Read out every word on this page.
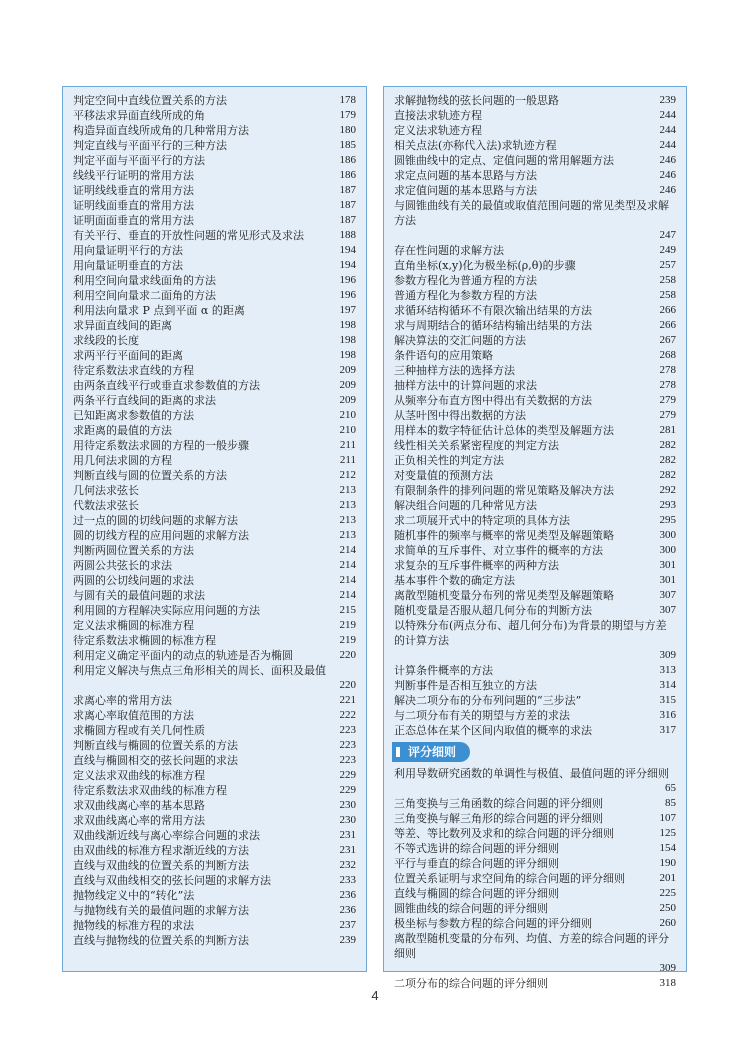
判定空间中直线位置关系的方法	178
平移法求异面直线所成的角	179
构造异面直线所成角的几种常用方法	180
判定直线与平面平行的三种方法	185
判定平面与平面平行的方法	186
线线平行证明的常用方法	186
证明线线垂直的常用方法	187
证明线面垂直的常用方法	187
证明面面垂直的常用方法	187
有关平行、垂直的开放性问题的常见形式及求法	188
用向量证明平行的方法	194
用向量证明垂直的方法	194
利用空间向量求线面角的方法	196
利用空间向量求二面角的方法	196
利用法向量求 P 点到平面 α 的距离	197
求异面直线间的距离	198
求线段的长度	198
求两平行平面间的距离	198
待定系数法求直线的方程	209
由两条直线平行或垂直求参数值的方法	209
两条平行直线间的距离的求法	209
已知距离求参数值的方法	210
求距离的最值的方法	210
用待定系数法求圆的方程的一般步骤	211
用几何法求圆的方程	211
判断直线与圆的位置关系的方法	212
几何法求弦长	213
代数法求弦长	213
过一点的圆的切线问题的求解方法	213
圆的切线方程的应用问题的求解方法	213
判断两圆位置关系的方法	214
两圆公共弦长的求法	214
两圆的公切线问题的求法	214
与圆有关的最值问题的求法	214
利用圆的方程解决实际应用问题的方法	215
定义法求椭圆的标准方程	219
待定系数法求椭圆的标准方程	219
利用定义确定平面内的动点的轨迹是否为椭圆	220
利用定义解决与焦点三角形相关的周长、面积及最值
220
求离心率的常用方法	221
求离心率取值范围的方法	222
求椭圆方程或有关几何性质	223
判断直线与椭圆的位置关系的方法	223
直线与椭圆相交的弦长问题的求法	223
定义法求双曲线的标准方程	229
待定系数法求双曲线的标准方程	229
求双曲线离心率的基本思路	230
求双曲线离心率的常用方法	230
双曲线渐近线与离心率综合问题的求法	231
由双曲线的标准方程求渐近线的方法	231
直线与双曲线的位置关系的判断方法	232
直线与双曲线相交的弦长问题的求解方法	233
抛物线定义中的“转化”法	236
与抛物线有关的最值问题的求解方法	236
抛物线的标准方程的求法	237
直线与抛物线的位置关系的判断方法	239
求解抛物线的弦长问题的一般思路	239
直接法求轨迹方程	244
定义法求轨迹方程	244
相关点法(亦称代入法)求轨迹方程	244
圆锥曲线中的定点、定值问题的常用解题方法	246
求定点问题的基本思路与方法	246
求定值问题的基本思路与方法	246
与圆锥曲线有关的最值或取值范围问题的常见类型及求解方法
247
存在性问题的求解方法	249
直角坐标(x,y)化为极坐标(ρ,θ)的步骤	257
参数方程化为普通方程的方法	258
普通方程化为参数方程的方法	258
求循环结构循环不有限次输出结果的方法	266
求与周期结合的循环结构输出结果的方法	266
解决算法的交汇问题的方法	267
条件语句的应用策略	268
三种抽样方法的选择方法	278
抽样方法中的计算问题的求法	278
从频率分布直方图中得出有关数据的方法	279
从茎叶图中得出数据的方法	279
用样本的数字特征估计总体的类型及解题方法	281
线性相关关系紧密程度的判定方法	282
正负相关性的判定方法	282
对变量值的预测方法	282
有限制条件的排列问题的常见策略及解决方法	292
解决组合问题的几种常见方法	293
求二项展开式中的特定项的具体方法	295
随机事件的频率与概率的常见类型及解题策略	300
求简单的互斥事件、对立事件的概率的方法	300
求复杂的互斥事件概率的两种方法	301
基本事件个数的确定方法	301
离散型随机变量分布列的常见类型及解题策略	307
随机变量是否服从超几何分布的判断方法	307
以特殊分布(两点分布、超几何分布)为背景的期望与方差的计算方法
309
计算条件概率的方法	313
判断事件是否相互独立的方法	314
解决二项分布的分布列问题的“三步法”	315
与二项分布有关的期望与方差的求法	316
正态总体在某个区间内取值的概率的求法	317
评分细则
利用导数研究函数的单调性与极值、最值问题的评分细则
65
三角变换与三角函数的综合问题的评分细则	85
三角变换与解三角形的综合问题的评分细则	107
等差、等比数列及求和的综合问题的评分细则	125
不等式选讲的综合问题的评分细则	154
平行与垂直的综合问题的评分细则	190
位置关系证明与求空间角的综合问题的评分细则	201
直线与椭圆的综合问题的评分细则	225
圆锥曲线的综合问题的评分细则	250
极坐标与参数方程的综合问题的评分细则	260
离散型随机变量的分布列、均值、方差的综合问题的评分细则
309
二项分布的综合问题的评分细则	318
4
